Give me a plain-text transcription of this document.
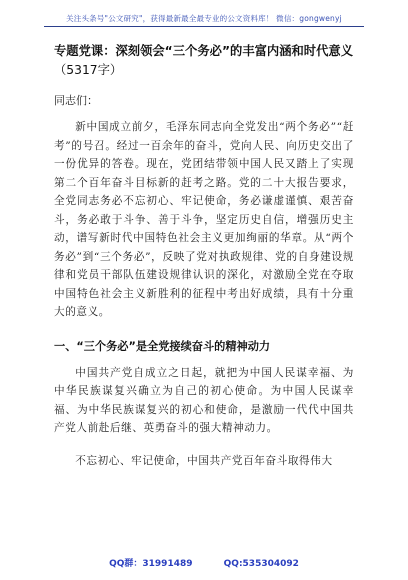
关注头条号"公文研究"，获得最新最全最专业的公文资料库！ 微信：gongwenyj
专题党课：深刻领会“三个务必”的丰富内涵和时代意义
（5317字）

同志们：

新中国成立前夕，毛泽东同志向全党发出“两个务必”“赶考”的号召。经过一百余年的奋斗，党向人民、向历史交出了一份优异的答卷。现在，党团结带领中国人民又踏上了实现第二个百年奋斗目标新的赶考之路。党的二十大报告要求，全党同志务必不忘初心、牢记使命，务必谦虚谨慎、艰苦奋斗，务必敢于斗争、善于斗争，坚定历史自信，增强历史主动，谱写新时代中国特色社会主义更加绚丽的华章。从“两个务必”到“三个务必”，反映了党对执政规律、党的自身建设规律和党员干部队伍建设规律认识的深化，对激励全党在夺取中国特色社会主义新胜利的征程中考出好成绩，具有十分重大的意义。

一、“三个务必”是全党接续奋斗的精神动力

中国共产党自成立之日起，就把为中国人民谋幸福、为中华民族谋复兴确立为自己的初心使命。为中国人民谋幸福、为中华民族谋复兴的初心和使命，是激励一代代中国共产党人前赴后继、英勇奋斗的强大精神动力。

不忘初心、牢记使命，中国共产党百年奋斗取得伟大

QQ群：31991489	QQ:535304092
